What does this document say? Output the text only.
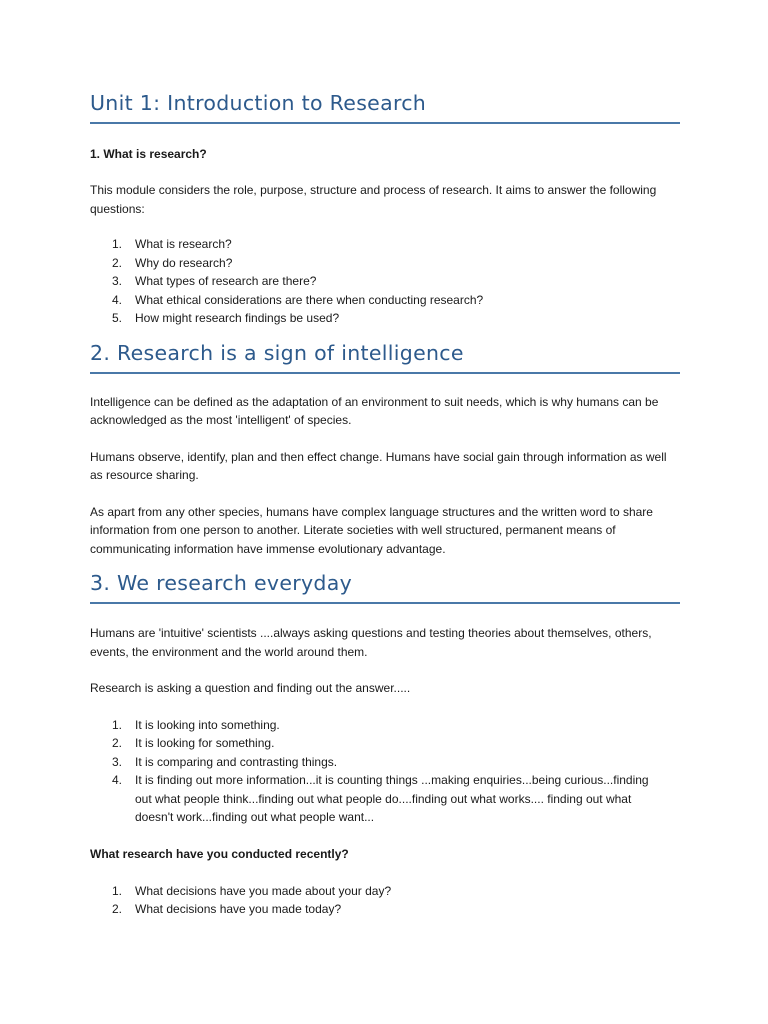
Unit 1: Introduction to Research
1. What is research?

This module considers the role, purpose, structure and process of research. It aims to answer the following questions:

1. What is research?
2. Why do research?
3. What types of research are there?
4. What ethical considerations are there when conducting research?
5. How might research findings be used?
2. Research is a sign of intelligence

Intelligence can be defined as the adaptation of an environment to suit needs, which is why humans can be acknowledged as the most 'intelligent' of species.

Humans observe, identify, plan and then effect change. Humans have social gain through information as well as resource sharing.

As apart from any other species, humans have complex language structures and the written word to share information from one person to another. Literate societies with well structured, permanent means of communicating information have immense evolutionary advantage.

3. We research everyday

Humans are 'intuitive' scientists ....always asking questions and testing theories about themselves, others, events, the environment and the world around them.

Research is asking a question and finding out the answer.....

1. It is looking into something.
2. It is looking for something.
3. It is comparing and contrasting things.
4. It is finding out more information...it is counting things ...making enquiries...being curious...finding out what people think...finding out what people do....finding out what works.... finding out what doesn't work...finding out what people want...
What research have you conducted recently?
1. What decisions have you made about your day?
2. What decisions have you made today?
